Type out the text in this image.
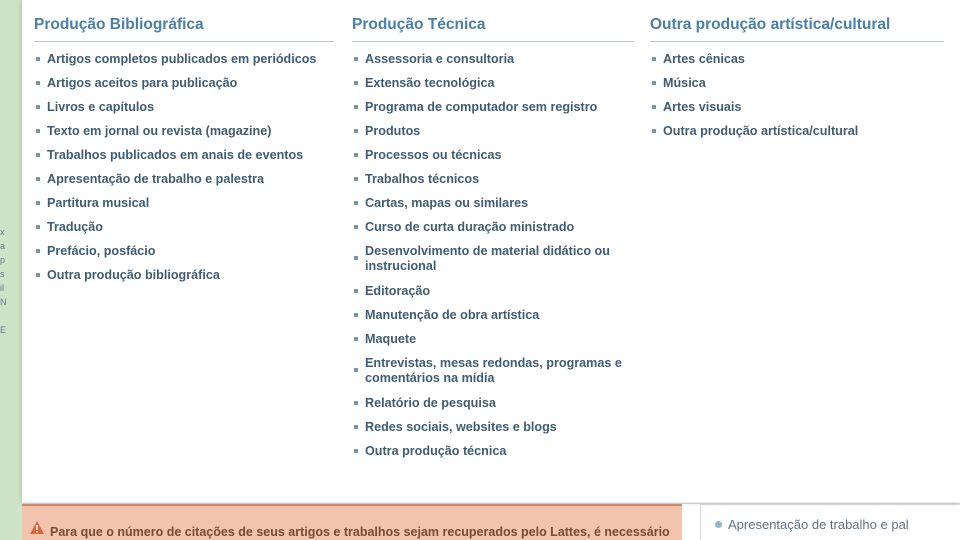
x
a
p
s
il
N
E
Para que o número de citações de seus artigos e trabalhos sejam recuperados pelo Lattes, é necessário	Apresentação de trabalho e pal
Produção Bibliográfica
Artigos completos publicados em periódicos
Artigos aceitos para publicação
Livros e capítulos
Texto em jornal ou revista (magazine)
Trabalhos publicados em anais de eventos
Apresentação de trabalho e palestra
Partitura musical
Tradução
Prefácio, posfácio
Outra produção bibliográfica
Produção Técnica
Assessoria e consultoria
Extensão tecnológica
Programa de computador sem registro
Produtos
Processos ou técnicas
Trabalhos técnicos
Cartas, mapas ou similares
Curso de curta duração ministrado
Desenvolvimento de material didático ou instrucional
Editoração
Manutenção de obra artística
Maquete
Entrevistas, mesas redondas, programas e comentários na mídia
Relatório de pesquisa
Redes sociais, websites e blogs
Outra produção técnica
Outra produção artística/cultural
Artes cênicas
Música
Artes visuais
Outra produção artística/cultural
